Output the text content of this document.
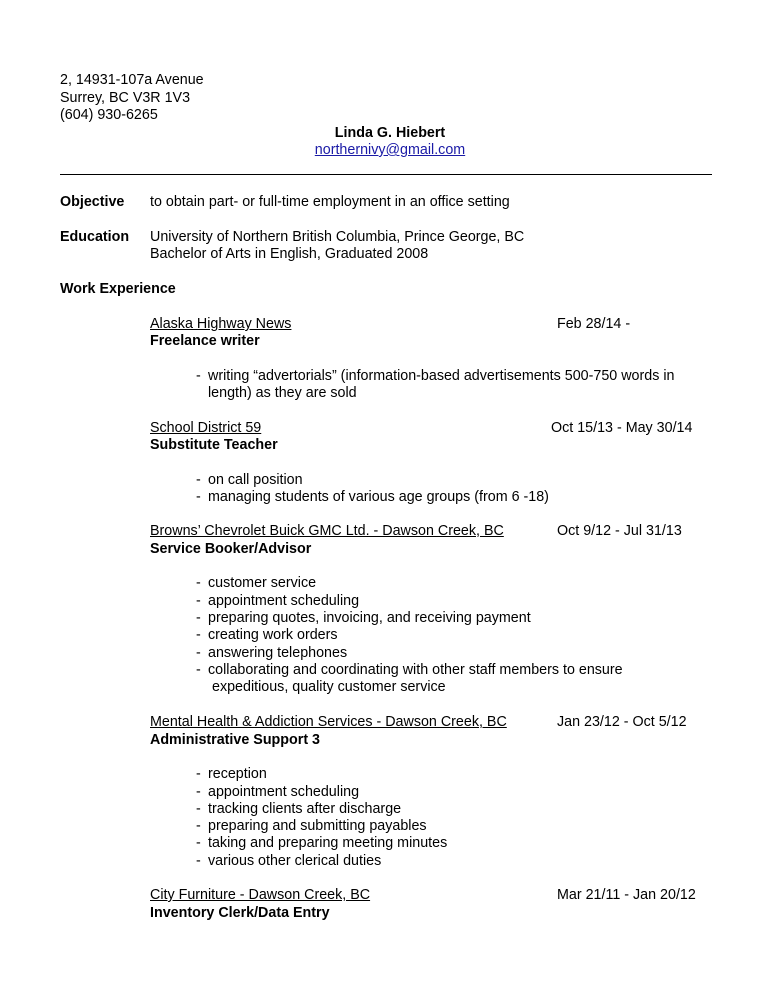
2, 14931-107a Avenue
Surrey, BC V3R 1V3
(604) 930-6265
Linda G. Hiebert
northernivy@gmail.com
Objective to obtain part- or full-time employment in an office setting
Education University of Northern British Columbia, Prince George, BC
Bachelor of Arts in English, Graduated 2008
Work Experience
Alaska Highway News	Feb 28/14 -
Freelance writer
- writing “advertorials” (information-based advertisements 500-750 words in
length) as they are sold
School District 59	Oct 15/13 - May 30/14
Substitute Teacher
- on call position
- managing students of various age groups (from 6 -18)
Browns’ Chevrolet Buick GMC Ltd. - Dawson Creek, BC	Oct 9/12 - Jul 31/13
Service Booker/Advisor
- customer service
- appointment scheduling
- preparing quotes, invoicing, and receiving payment
- creating work orders
- answering telephones
- collaborating and coordinating with other staff members to ensure
expeditious, quality customer service
Mental Health & Addiction Services - Dawson Creek, BC	Jan 23/12 - Oct 5/12
Administrative Support 3
- reception
- appointment scheduling
- tracking clients after discharge
- preparing and submitting payables
- taking and preparing meeting minutes
- various other clerical duties
City Furniture - Dawson Creek, BC	Mar 21/11 - Jan 20/12
Inventory Clerk/Data Entry
